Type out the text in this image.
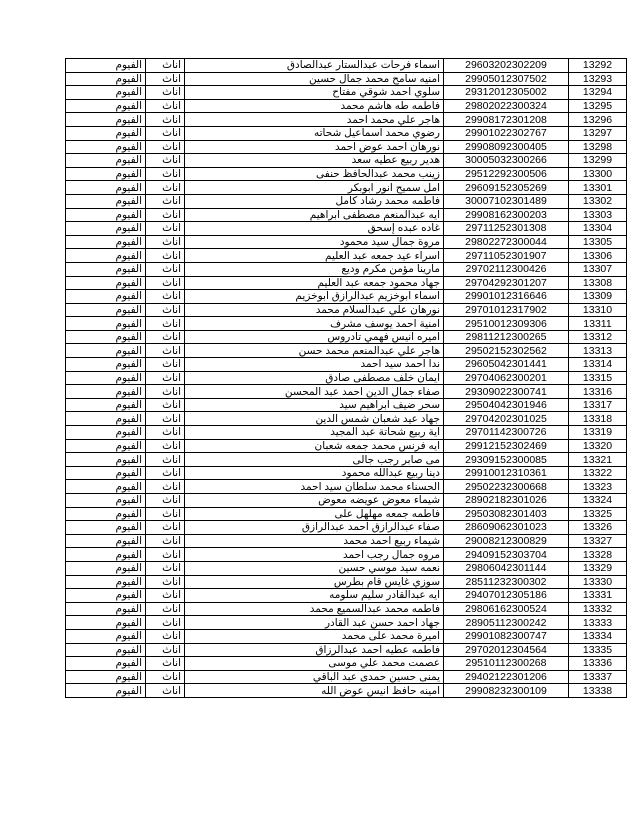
الفيوم	اناث	اسماء فرحات عبدالستار عبدالصادق	29603202302209	13292
الفيوم	اناث	امنيه سامح محمد جمال حسين	29905012307502	13293
الفيوم	اناث	سلوي احمد شوقي مفتاح	29312012305002	13294
الفيوم	اناث	فاطمه طه هاشم محمد	29802022300324	13295
الفيوم	اناث	هاجر علي محمد احمد	29908172301208	13296
الفيوم	اناث	رضوي محمد اسماعيل شحاته	29901022302767	13297
الفيوم	اناث	نورهان احمد عوض احمد	29908092300405	13298
الفيوم	اناث	هدير ربيع عطيه سعد	30005032300266	13299
الفيوم	اناث	زينب محمد عبدالحافظ حنفى	29512292300506	13300
الفيوم	اناث	امل سميح انور ابوبكر	29609152305269	13301
الفيوم	اناث	فاطمه محمد رشاد كامل	30007102301489	13302
الفيوم	اناث	ايه عبدالمنعم مصطفى ابراهيم	29908162300203	13303
الفيوم	اناث	غاده عبده إسحق	29711252301308	13304
الفيوم	اناث	مروة جمال سيد محمود	29802272300044	13305
الفيوم	اناث	اسراء عيد جمعه عبد العليم	29711052301907	13306
الفيوم	اناث	مارينا مؤمن مكرم وديع	29702112300426	13307
الفيوم	اناث	جهاد محمود جمعه عبد العليم	29704292301207	13308
الفيوم	اناث	اسماء ابوخزيم عبدالرازق ابوخزيم	29901012316646	13309
الفيوم	اناث	نورهان علي عبدالسلام محمد	29701012317902	13310
الفيوم	اناث	امنية احمد يوسف مشرف	29510012309306	13311
الفيوم	اناث	اميره انيس فهمي تادروس	29811212300265	13312
الفيوم	اناث	هاجر علي عبدالمنعم محمد حسن	29502152302562	13313
الفيوم	اناث	ندا احمد سيد احمد	29605042301441	13314
الفيوم	اناث	ايمان خلف مصطفى صادق	29704062300201	13315
الفيوم	اناث	صفاء جمال الدين احمد عبد المحسن	29309022300741	13316
الفيوم	اناث	سحر ضيف ابراهيم سيد	29504042301946	13317
الفيوم	اناث	جهاد عيد شعبان شمس الدين	29704202301025	13318
الفيوم	اناث	اية ربيع شحاتة عبد المجيد	29701142300726	13319
الفيوم	اناث	ايه فرنس محمد جمعه شعبان	29912152302469	13320
الفيوم	اناث	مى صابر رجب جالى	29309152300085	13321
الفيوم	اناث	دينا ربيع عبدالله محمود	29910012310361	13322
الفيوم	اناث	الحسناء محمد سلطان سيد احمد	29502232300668	13323
الفيوم	اناث	شيماء معوض عويضه معوض	28902182301026	13324
الفيوم	اناث	فاطمه جمعه مهلهل على	29503082301403	13325
الفيوم	اناث	صفاء عبدالرازق احمد عبدالرازق	28609062301023	13326
الفيوم	اناث	شيماء ربيع احمد محمد	29008212300829	13327
الفيوم	اناث	مروه جمال رجب احمد	29409152303704	13328
الفيوم	اناث	نعمه سيد موسي حسين	29806042301144	13329
الفيوم	اناث	سوزي غايس قام بطرس	28511232300302	13330
الفيوم	اناث	ايه عبدالقادر سليم سلومه	29407012305186	13331
الفيوم	اناث	فاطمه محمد عبدالسميع محمد	29806162300524	13332
الفيوم	اناث	جهاد احمد حسن عبد القادر	28905112300242	13333
الفيوم	اناث	اميرة محمد على محمد	29901082300747	13334
الفيوم	اناث	فاطمه عطيه احمد عبدالرزاق	29702012304564	13335
الفيوم	اناث	عصمت محمد علي موسى	29510112300268	13336
الفيوم	اناث	يمنى حسين حمدى عبد الباقي	29402122301206	13337
الفيوم	اناث	امينه حافظ انيس عوض الله	29908232300109	13338
